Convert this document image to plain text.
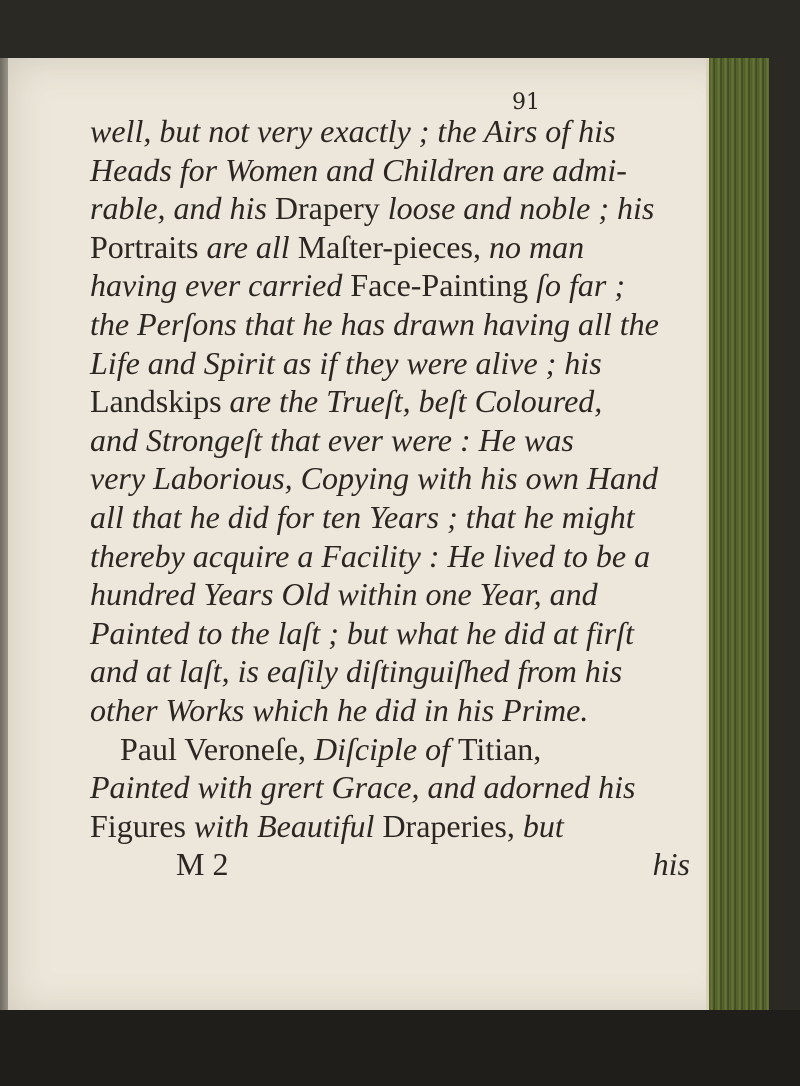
91
well, but not very exactly ; the Airs of his
Heads for Women and Children are admi-
rable, and his Drapery loose and noble ; his
Portraits are all Maſter-pieces, no man
having ever carried Face-Painting ſo far ;
the Perſons that he has drawn having all the
Life and Spirit as if they were alive ; his
Landskips are the Trueſt, beſt Coloured,
and Strongeſt that ever were : He was
very Laborious, Copying with his own Hand
all that he did for ten Years ; that he might
thereby acquire a Facility : He lived to be a
hundred Years Old within one Year, and
Painted to the laſt ; but what he did at firſt
and at laſt, is eaſily diſtinguiſhed from his
other Works which he did in his Prime.
Paul Veroneſe, Diſciple of Titian,
Painted with grert Grace, and adorned his
Figures with Beautiful Draperies, but
M 2	his
